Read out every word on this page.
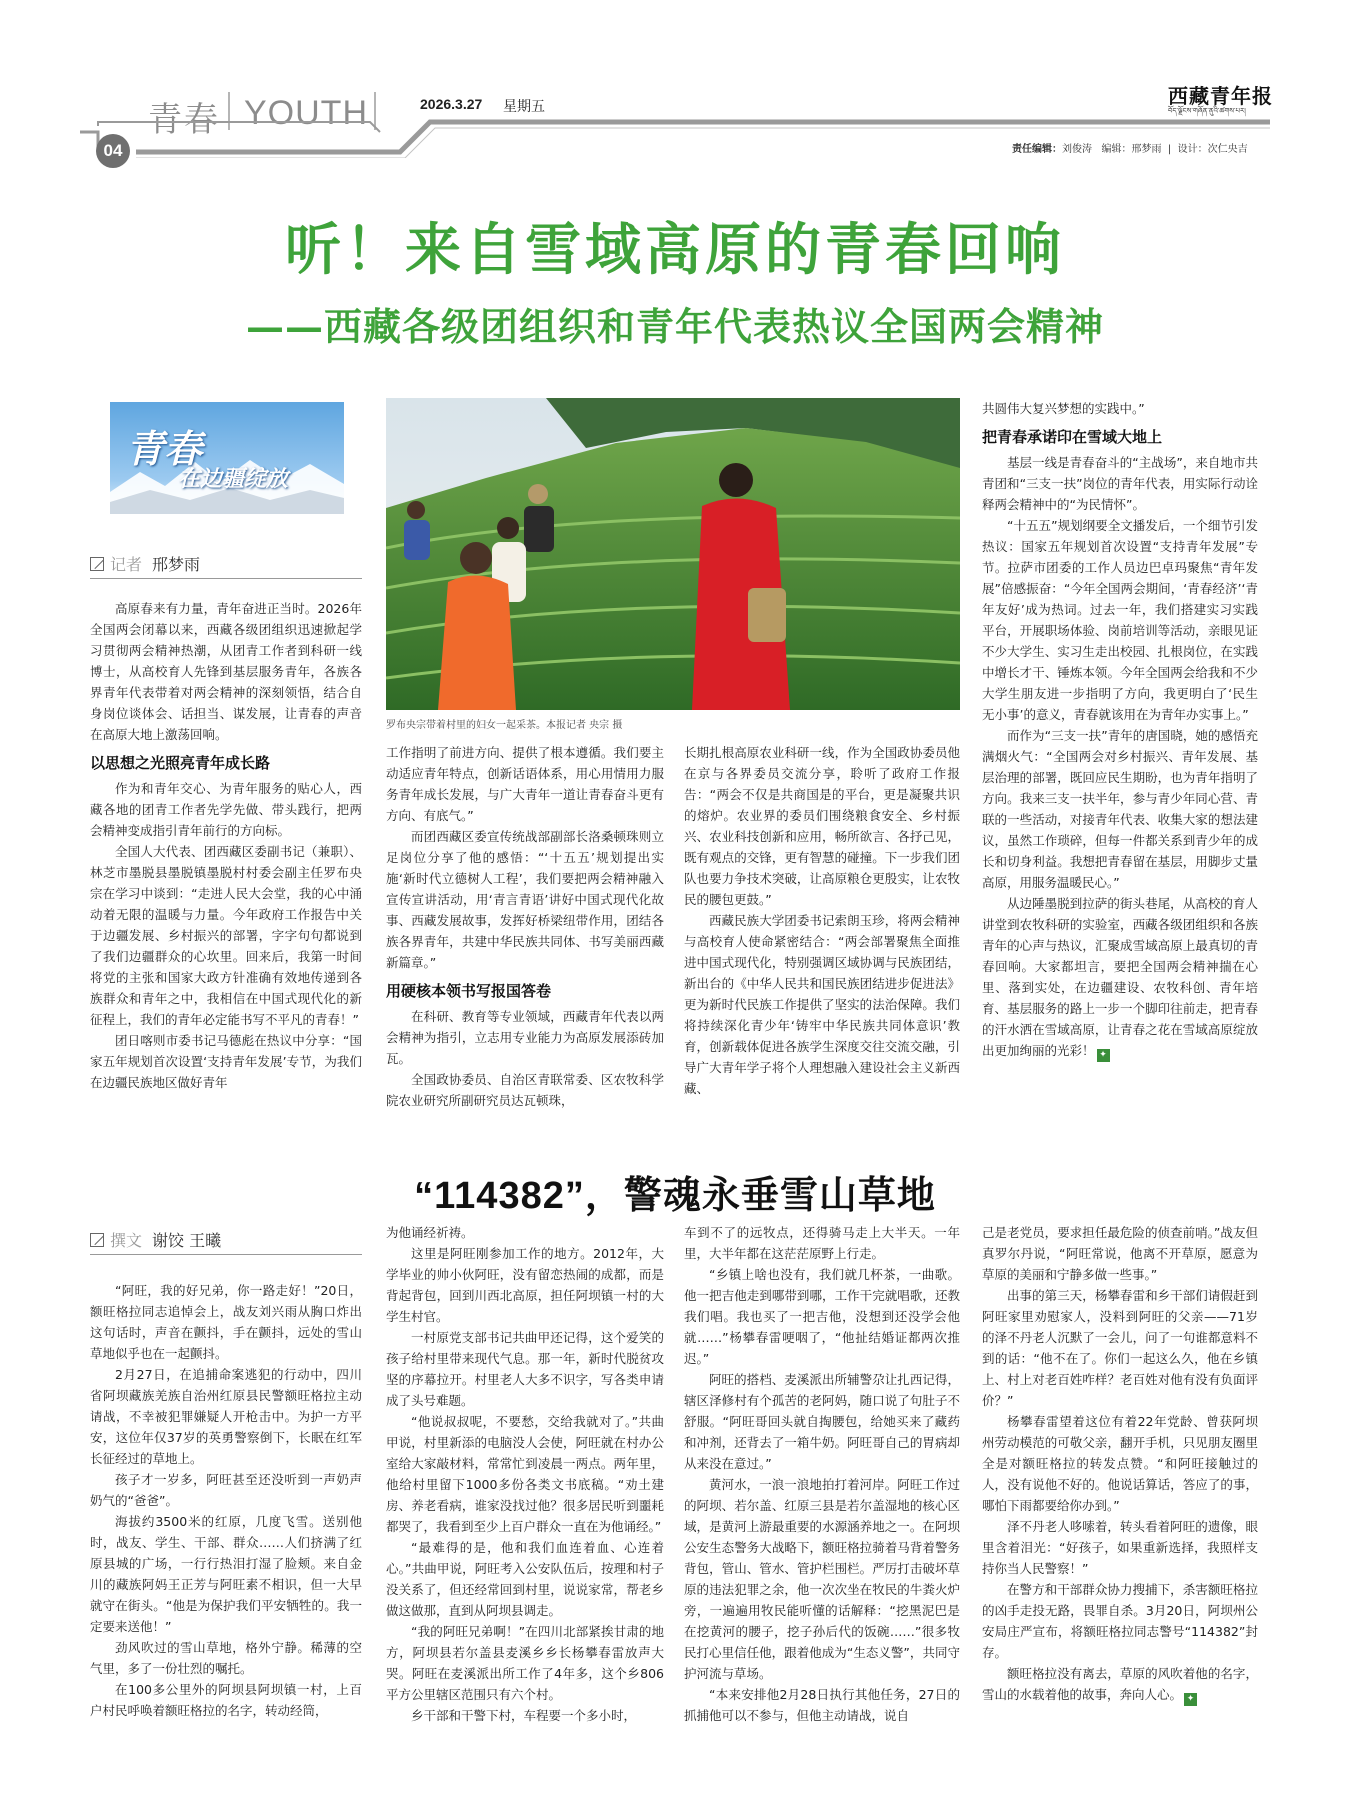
青春 YOUTH	2026.3.27 星期五	西藏青年报
བོད་ལྗོངས་གཞོན་ནུའི་ཚགས་པར།
04	责任编辑：刘俊涛 编辑：邢梦雨  |  设计：次仁央吉
听！来自雪域高原的青春回响
——西藏各级团组织和青年代表热议全国两会精神
青春
在边疆绽放
记者 邢梦雨

高原春来有力量，青年奋进正当时。2026年全国两会闭幕以来，西藏各级团组织迅速掀起学习贯彻两会精神热潮，从团青工作者到科研一线博士，从高校育人先锋到基层服务青年，各族各界青年代表带着对两会精神的深刻领悟，结合自身岗位谈体会、话担当、谋发展，让青春的声音在高原大地上激荡回响。

以思想之光照亮青年成长路

作为和青年交心、为青年服务的贴心人，西藏各地的团青工作者先学先做、带头践行，把两会精神变成指引青年前行的方向标。

全国人大代表、团西藏区委副书记（兼职）、林芝市墨脱县墨脱镇墨脱村村委会副主任罗布央宗在学习中谈到：“走进人民大会堂，我的心中涌动着无限的温暖与力量。今年政府工作报告中关于边疆发展、乡村振兴的部署，字字句句都说到了我们边疆群众的心坎里。回来后，我第一时间将党的主张和国家大政方针准确有效地传递到各族群众和青年之中，我相信在中国式现代化的新征程上，我们的青年必定能书写不平凡的青春！”

团日喀则市委书记马德彪在热议中分享：“国家五年规划首次设置‘支持青年发展’专节，为我们在边疆民族地区做好青年

罗布央宗带着村里的妇女一起采茶。本报记者 央宗 摄

工作指明了前进方向、提供了根本遵循。我们要主动适应青年特点，创新话语体系，用心用情用力服务青年成长发展，与广大青年一道让青春奋斗更有方向、有底气。”

而团西藏区委宣传统战部副部长洛桑顿珠则立足岗位分享了他的感悟：“‘十五五’规划提出实施‘新时代立德树人工程’，我们要把两会精神融入宣传宣讲活动，用‘青言青语’讲好中国式现代化故事、西藏发展故事，发挥好桥梁纽带作用，团结各族各界青年，共建中华民族共同体、书写美丽西藏新篇章。”

用硬核本领书写报国答卷

在科研、教育等专业领域，西藏青年代表以两会精神为指引，立志用专业能力为高原发展添砖加瓦。

全国政协委员、自治区青联常委、区农牧科学院农业研究所副研究员达瓦顿珠，

长期扎根高原农业科研一线，作为全国政协委员他在京与各界委员交流分享，聆听了政府工作报告：“两会不仅是共商国是的平台，更是凝聚共识的熔炉。农业界的委员们围绕粮食安全、乡村振兴、农业科技创新和应用，畅所欲言、各抒己见，既有观点的交锋，更有智慧的碰撞。下一步我们团队也要力争技术突破，让高原粮仓更殷实，让农牧民的腰包更鼓。”

西藏民族大学团委书记索朗玉珍，将两会精神与高校育人使命紧密结合：“两会部署聚焦全面推进中国式现代化，特别强调区域协调与民族团结，新出台的《中华人民共和国民族团结进步促进法》更为新时代民族工作提供了坚实的法治保障。我们将持续深化青少年‘铸牢中华民族共同体意识’教育，创新载体促进各族学生深度交往交流交融，引导广大青年学子将个人理想融入建设社会主义新西藏、

共圆伟大复兴梦想的实践中。”

把青春承诺印在雪域大地上

基层一线是青春奋斗的“主战场”，来自地市共青团和“三支一扶”岗位的青年代表，用实际行动诠释两会精神中的“为民情怀”。

“十五五”规划纲要全文播发后，一个细节引发热议：国家五年规划首次设置“支持青年发展”专节。拉萨市团委的工作人员边巴卓玛聚焦“青年发展”倍感振奋：“今年全国两会期间，‘青春经济’‘青年友好’成为热词。过去一年，我们搭建实习实践平台，开展职场体验、岗前培训等活动，亲眼见证不少大学生、实习生走出校园、扎根岗位，在实践中增长才干、锤炼本领。今年全国两会给我和不少大学生朋友进一步指明了方向，我更明白了‘民生无小事’的意义，青春就该用在为青年办实事上。”

而作为“三支一扶”青年的唐国晓，她的感悟充满烟火气：“全国两会对乡村振兴、青年发展、基层治理的部署，既回应民生期盼，也为青年指明了方向。我来三支一扶半年，参与青少年同心营、青联的一些活动，对接青年代表、收集大家的想法建议，虽然工作琐碎，但每一件都关系到青少年的成长和切身利益。我想把青春留在基层，用脚步丈量高原，用服务温暖民心。”

从边陲墨脱到拉萨的街头巷尾，从高校的育人讲堂到农牧科研的实验室，西藏各级团组织和各族青年的心声与热议，汇聚成雪域高原上最真切的青春回响。大家都坦言，要把全国两会精神揣在心里、落到实处，在边疆建设、农牧科创、青年培育、基层服务的路上一步一个脚印往前走，把青春的汗水洒在雪域高原，让青春之花在雪域高原绽放出更加绚丽的光彩！ ✦

“114382”，警魂永垂雪山草地
撰文 谢饺 王曦

“阿旺，我的好兄弟，你一路走好！”20日，额旺格拉同志追悼会上，战友刘兴雨从胸口炸出这句话时，声音在颤抖，手在颤抖，远处的雪山草地似乎也在一起颤抖。

2月27日，在追捕命案逃犯的行动中，四川省阿坝藏族羌族自治州红原县民警额旺格拉主动请战，不幸被犯罪嫌疑人开枪击中。为护一方平安，这位年仅37岁的英勇警察倒下，长眠在红军长征经过的草地上。

孩子才一岁多，阿旺甚至还没听到一声奶声奶气的“爸爸”。

海拔约3500米的红原，几度飞雪。送别他时，战友、学生、干部、群众……人们挤满了红原县城的广场，一行行热泪打湿了脸颊。来自金川的藏族阿妈王正芳与阿旺素不相识，但一大早就守在街头。“他是为保护我们平安牺牲的。我一定要来送他！”

劲风吹过的雪山草地，格外宁静。稀薄的空气里，多了一份壮烈的嘱托。

在100多公里外的阿坝县阿坝镇一村，上百户村民呼唤着额旺格拉的名字，转动经筒，

为他诵经祈祷。

这里是阿旺刚参加工作的地方。2012年，大学毕业的帅小伙阿旺，没有留恋热闹的成都，而是背起背包，回到川西北高原，担任阿坝镇一村的大学生村官。

一村原党支部书记共曲甲还记得，这个爱笑的孩子给村里带来现代气息。那一年，新时代脱贫攻坚的序幕拉开。村里老人大多不识字，写各类申请成了头号难题。

“他说叔叔呢，不要愁，交给我就对了。”共曲甲说，村里新添的电脑没人会使，阿旺就在村办公室给大家敲材料，常常忙到凌晨一两点。两年里，他给村里留下1000多份各类文书底稿。“劝土建房、养老看病，谁家没找过他？很多居民听到噩耗都哭了，我看到至少上百户群众一直在为他诵经。”

“最难得的是，他和我们血连着血、心连着心。”共曲甲说，阿旺考入公安队伍后，按理和村子没关系了，但还经常回到村里，说说家常，帮老乡做这做那，直到从阿坝县调走。

“我的阿旺兄弟啊！”在四川北部紧挨甘肃的地方，阿坝县若尔盖县麦溪乡乡长杨攀春雷放声大哭。阿旺在麦溪派出所工作了4年多，这个乡806平方公里辖区范围只有六个村。

乡干部和干警下村，车程要一个多小时，

车到不了的远牧点，还得骑马走上大半天。一年里，大半年都在这茫茫原野上行走。

“乡镇上啥也没有，我们就几杯茶，一曲歌。他一把吉他走到哪带到哪，工作干完就唱歌，还教我们唱。我也买了一把吉他，没想到还没学会他就……”杨攀春雷哽咽了，“他扯结婚证都两次推迟。”

阿旺的搭档、麦溪派出所辅警尕让扎西记得，辖区泽修村有个孤苦的老阿妈，随口说了句肚子不舒服。“阿旺哥回头就自掏腰包，给她买来了藏药和冲剂，还背去了一箱牛奶。阿旺哥自己的胃病却从来没在意过。”

黄河水，一浪一浪地拍打着河岸。阿旺工作过的阿坝、若尔盖、红原三县是若尔盖湿地的核心区域，是黄河上游最重要的水源涵养地之一。在阿坝公安生态警务大战略下，额旺格拉骑着马背着警务背包，管山、管水、管护栏围栏。严厉打击破坏草原的违法犯罪之余，他一次次坐在牧民的牛粪火炉旁，一遍遍用牧民能听懂的话解释：“挖黑泥巴是在挖黄河的腰子，挖子孙后代的饭碗……”很多牧民打心里信任他，跟着他成为“生态义警”，共同守护河流与草场。

“本来安排他2月28日执行其他任务，27日的抓捕他可以不参与，但他主动请战，说自

己是老党员，要求担任最危险的侦查前哨。”战友但真罗尔丹说，“阿旺常说，他离不开草原，愿意为草原的美丽和宁静多做一些事。”

出事的第三天，杨攀春雷和乡干部们请假赶到阿旺家里劝慰家人，没料到阿旺的父亲——71岁的泽不丹老人沉默了一会儿，问了一句谁都意料不到的话：“他不在了。你们一起这么久，他在乡镇上、村上对老百姓咋样？老百姓对他有没有负面评价？”

杨攀春雷望着这位有着22年党龄、曾获阿坝州劳动模范的可敬父亲，翻开手机，只见朋友圈里全是对额旺格拉的转发点赞。“和阿旺接触过的人，没有说他不好的。他说话算话，答应了的事，哪怕下雨都要给你办到。”

泽不丹老人哆嗦着，转头看着阿旺的遗像，眼里含着泪光：“好孩子，如果重新选择，我照样支持你当人民警察！”

在警方和干部群众协力搜捕下，杀害额旺格拉的凶手走投无路，畏罪自杀。3月20日，阿坝州公安局庄严宣布，将额旺格拉同志警号“114382”封存。

额旺格拉没有离去，草原的风吹着他的名字，雪山的水载着他的故事，奔向人心。 ✦
